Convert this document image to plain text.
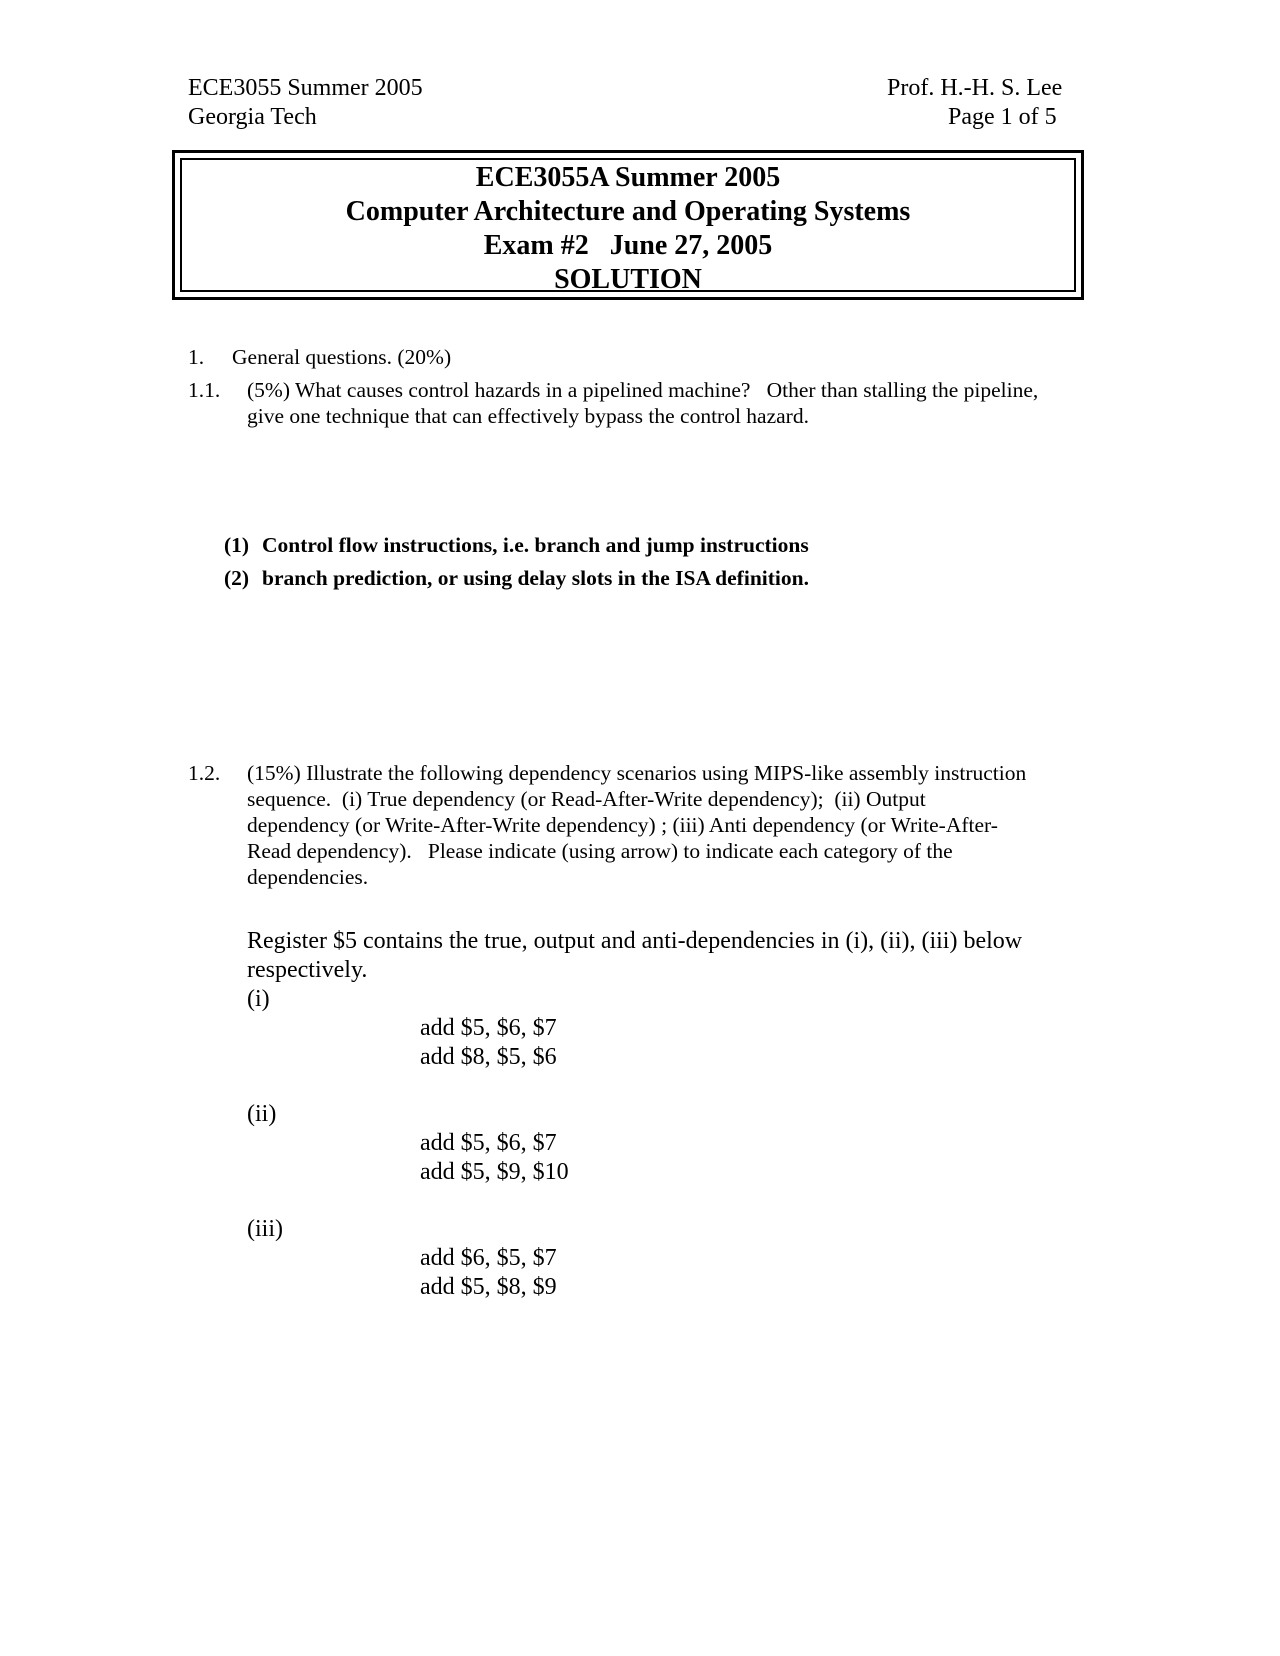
ECE3055 Summer 2005
Georgia Tech
Prof. H.-H. S. Lee
Page 1 of 5
ECE3055A Summer 2005
Computer Architecture and Operating Systems
Exam #2   June 27, 2005
SOLUTION
1. General questions. (20%)
1.1. (5%) What causes control hazards in a pipelined machine?   Other than stalling the pipeline,
give one technique that can effectively bypass the control hazard.
(1) Control flow instructions, i.e. branch and jump instructions
(2) branch prediction, or using delay slots in the ISA definition.
1.2. (15%) Illustrate the following dependency scenarios using MIPS-like assembly instruction
sequence.  (i) True dependency (or Read-After-Write dependency);  (ii) Output
dependency (or Write-After-Write dependency) ; (iii) Anti dependency (or Write-After-
Read dependency).   Please indicate (using arrow) to indicate each category of the
dependencies.
Register $5 contains the true, output and anti-dependencies in (i), (ii), (iii) below
respectively.
(i)
add $5, $6, $7
add $8, $5, $6
(ii)
add $5, $6, $7
add $5, $9, $10
(iii)
add $6, $5, $7
add $5, $8, $9
